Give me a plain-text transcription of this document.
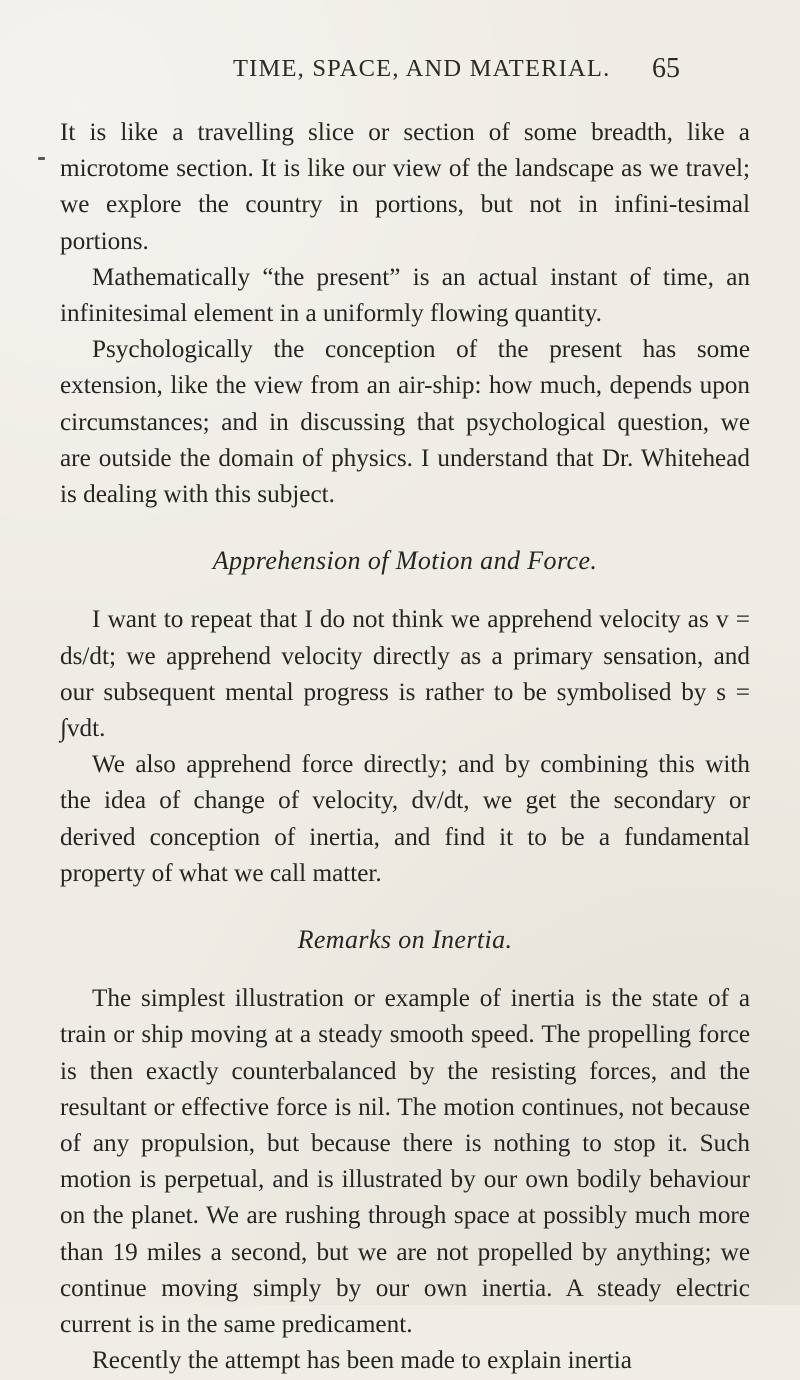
TIME, SPACE, AND MATERIAL. 65

It is like a travelling slice or section of some breadth, like a microtome section. It is like our view of the landscape as we travel; we explore the country in portions, but not in infini-tesimal portions.

Mathematically “the present” is an actual instant of time, an infinitesimal element in a uniformly flowing quantity.

Psychologically the conception of the present has some extension, like the view from an air-ship: how much, depends upon circumstances; and in discussing that psychological question, we are outside the domain of physics. I understand that Dr. Whitehead is dealing with this subject.

Apprehension of Motion and Force.

I want to repeat that I do not think we apprehend velocity as v = ds/dt; we apprehend velocity directly as a primary sensation, and our subsequent mental progress is rather to be symbolised by s = ∫vdt.

We also apprehend force directly; and by combining this with the idea of change of velocity, dv/dt, we get the secondary or derived conception of inertia, and find it to be a fundamental property of what we call matter.

Remarks on Inertia.

The simplest illustration or example of inertia is the state of a train or ship moving at a steady smooth speed. The propelling force is then exactly counterbalanced by the resisting forces, and the resultant or effective force is nil. The motion continues, not because of any propulsion, but because there is nothing to stop it. Such motion is perpetual, and is illustrated by our own bodily behaviour on the planet. We are rushing through space at possibly much more than 19 miles a second, but we are not propelled by anything; we continue moving simply by our own inertia. A steady electric current is in the same predicament.

Recently the attempt has been made to explain inertia
